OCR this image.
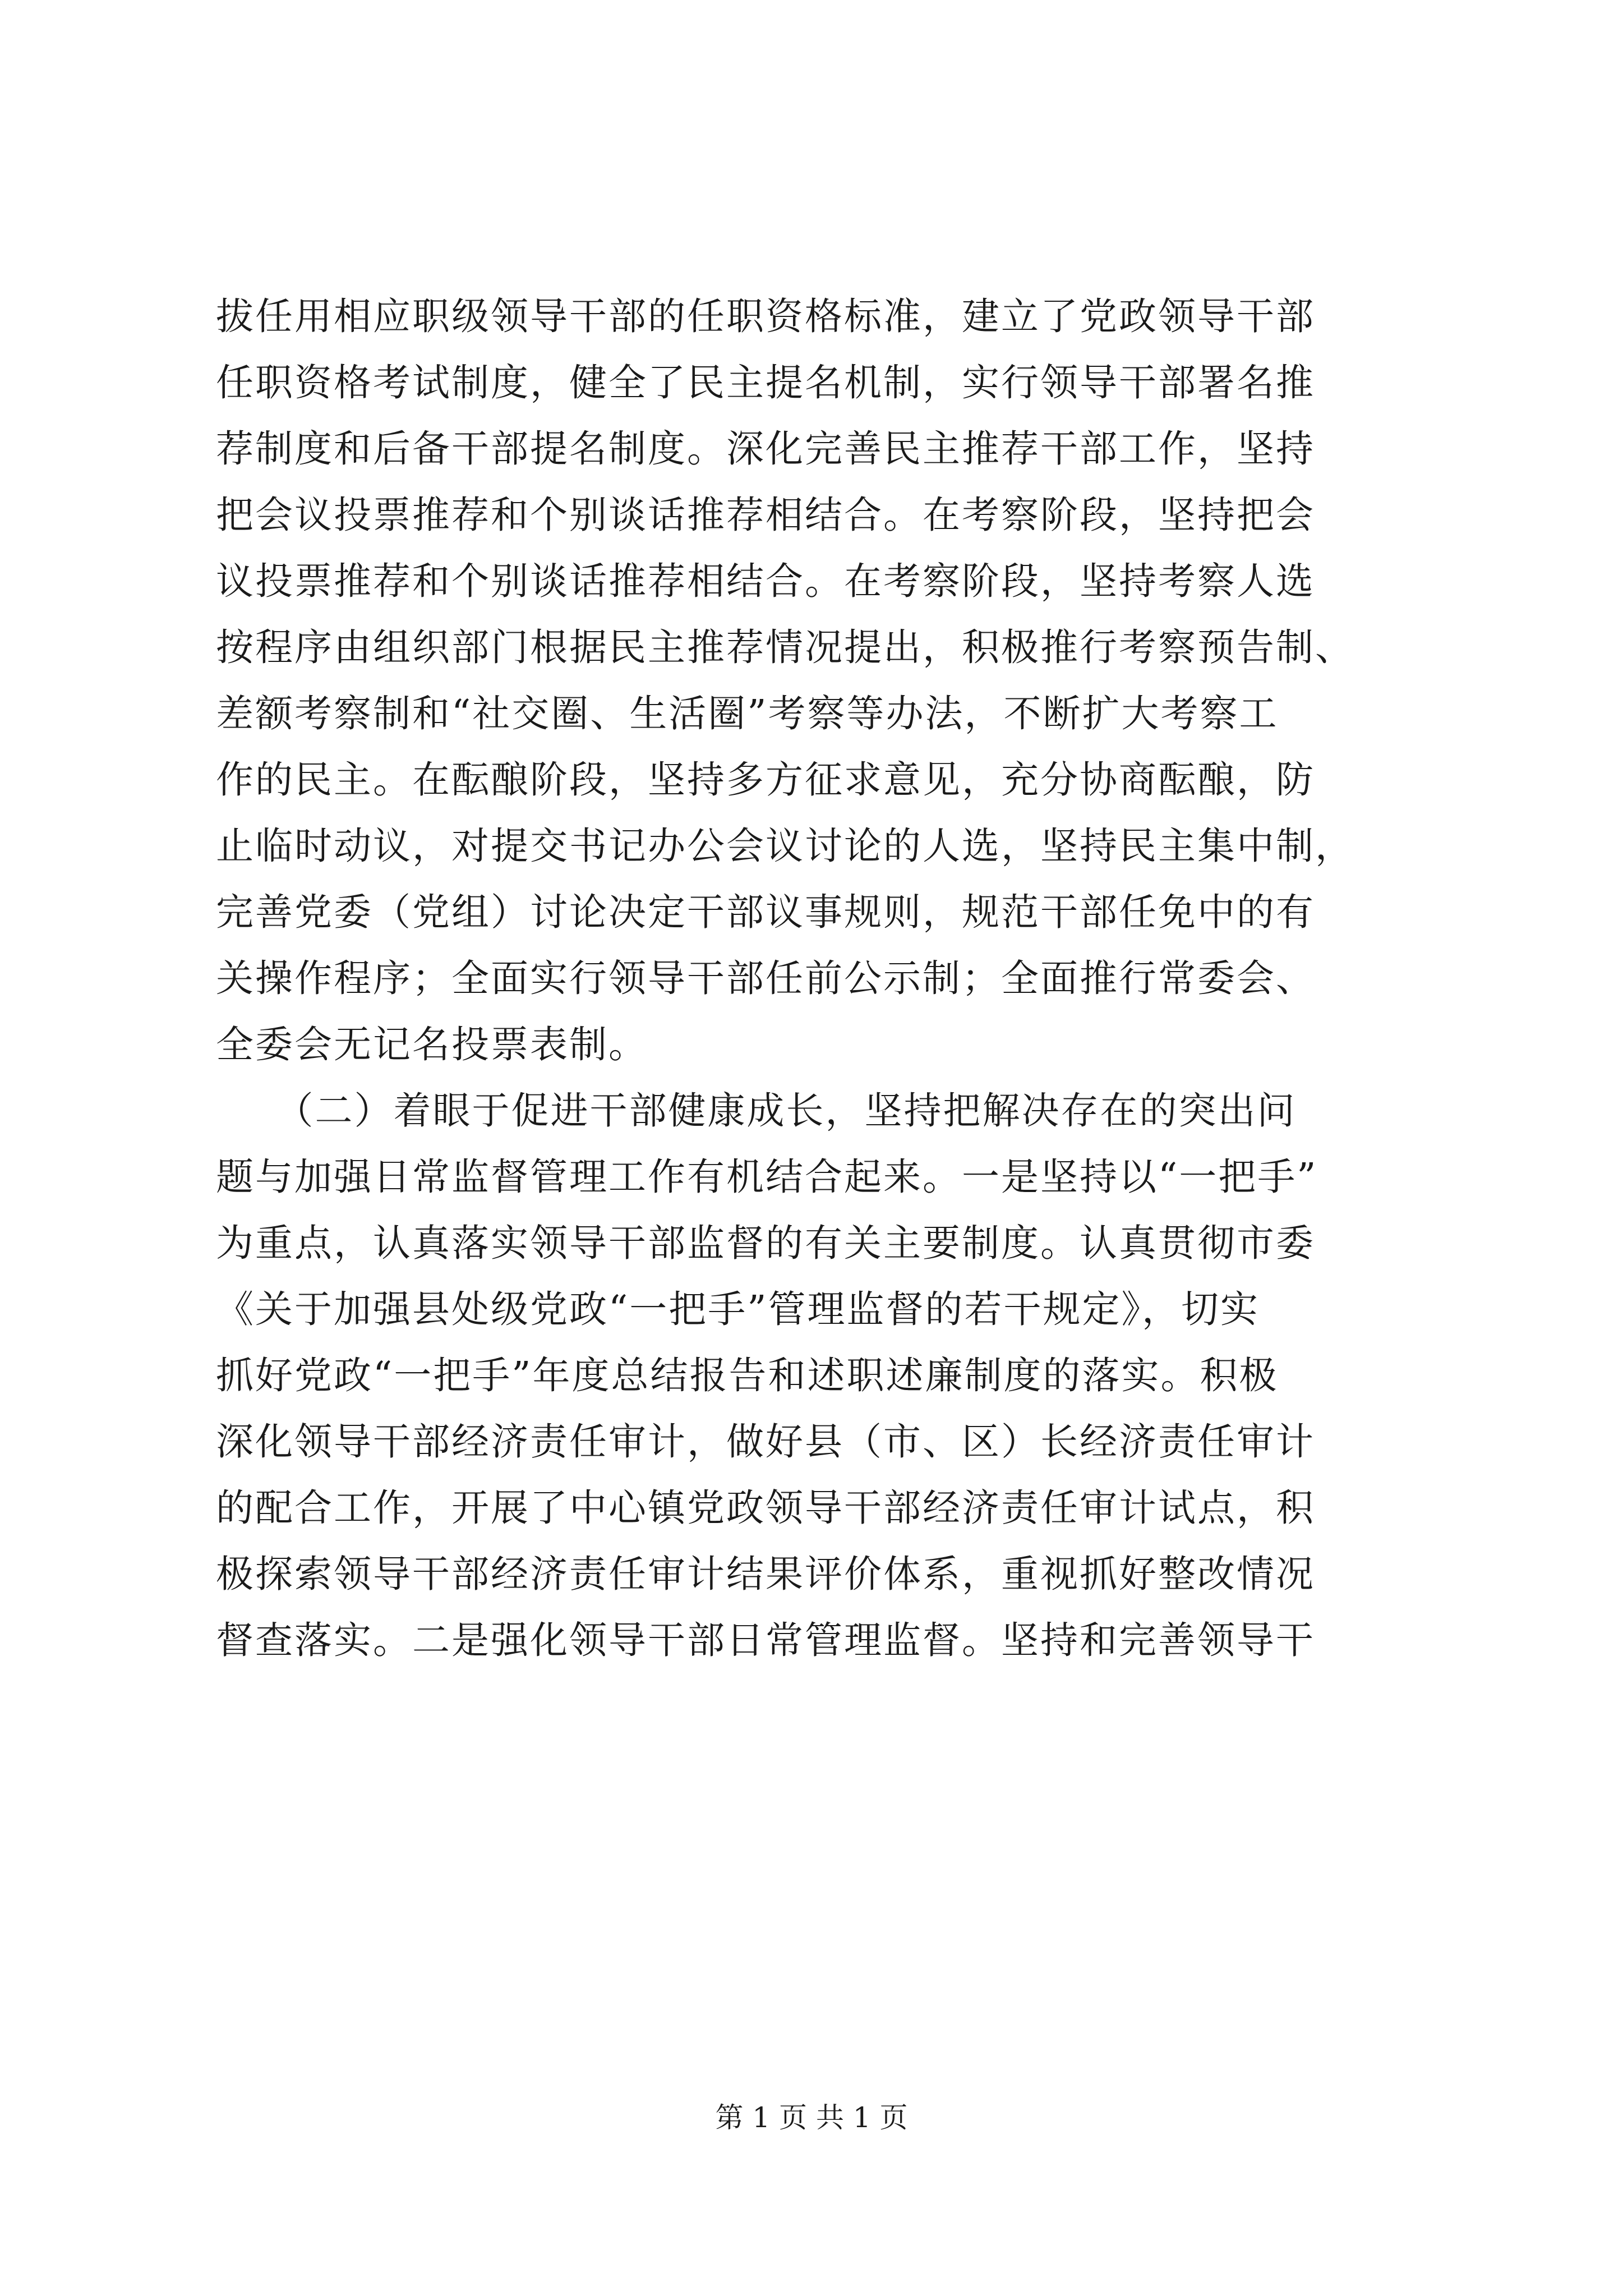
拔任用相应职级领导干部的任职资格标准，建立了党政领导干部
任职资格考试制度，健全了民主提名机制，实行领导干部署名推
荐制度和后备干部提名制度。深化完善民主推荐干部工作，坚持
把会议投票推荐和个别谈话推荐相结合。在考察阶段，坚持把会
议投票推荐和个别谈话推荐相结合。在考察阶段，坚持考察人选
按程序由组织部门根据民主推荐情况提出，积极推行考察预告制、
差额考察制和“社交圈、生活圈”考察等办法，不断扩大考察工
作的民主。在酝酿阶段，坚持多方征求意见，充分协商酝酿，防
止临时动议，对提交书记办公会议讨论的人选，坚持民主集中制，
完善党委（党组）讨论决定干部议事规则，规范干部任免中的有
关操作程序；全面实行领导干部任前公示制；全面推行常委会、
全委会无记名投票表制。
　　（二）着眼于促进干部健康成长，坚持把解决存在的突出问
题与加强日常监督管理工作有机结合起来。一是坚持以“一把手”
为重点，认真落实领导干部监督的有关主要制度。认真贯彻市委
《关于加强县处级党政“一把手”管理监督的若干规定》，切实
抓好党政“一把手”年度总结报告和述职述廉制度的落实。积极
深化领导干部经济责任审计，做好县（市、区）长经济责任审计
的配合工作，开展了中心镇党政领导干部经济责任审计试点，积
极探索领导干部经济责任审计结果评价体系，重视抓好整改情况
督查落实。二是强化领导干部日常管理监督。坚持和完善领导干
第 1 页 共 1 页
